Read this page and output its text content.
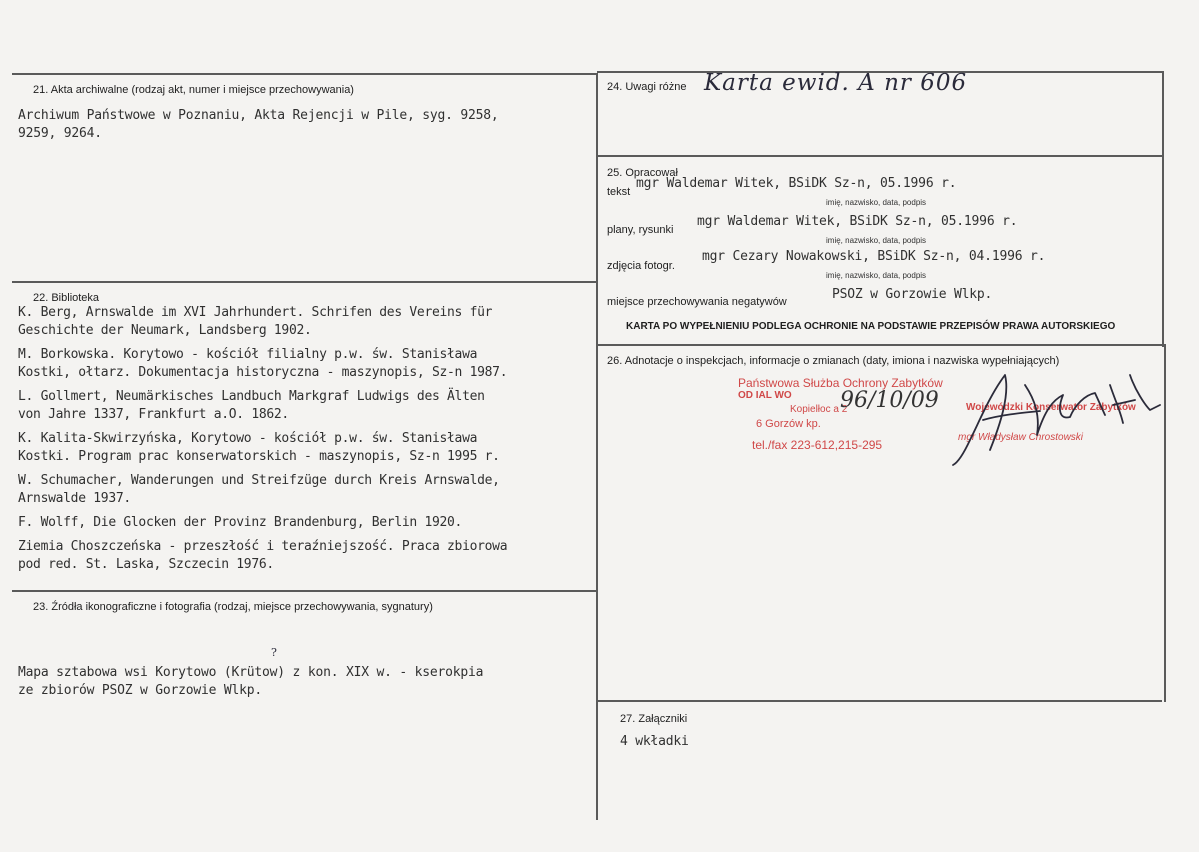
21. Akta archiwalne (rodzaj akt, numer i miejsce przechowywania)
Archiwum Państwowe w Poznaniu, Akta Rejencji w Pile, syg. 9258,
9259, 9264.
22. Biblioteka

K. Berg, Arnswalde im XVI Jahrhundert. Schrifen des Vereins für
Geschichte der Neumark, Landsberg 1902.

M. Borkowska. Korytowo - kościół filialny p.w. św. Stanisława
Kostki, ołtarz. Dokumentacja historyczna - maszynopis, Sz-n 1987.

L. Gollmert, Neumärkisches Landbuch Markgraf Ludwigs des Älten
von Jahre 1337, Frankfurt a.O. 1862.

K. Kalita-Skwirzyńska, Korytowo - kościół p.w. św. Stanisława
Kostki. Program prac konserwatorskich - maszynopis, Sz-n 1995 r.

W. Schumacher, Wanderungen und Streifzüge durch Kreis Arnswalde,
Arnswalde 1937.

F. Wolff, Die Glocken der Provinz Brandenburg, Berlin 1920.

Ziemia Choszczeńska - przeszłość i teraźniejszość. Praca zbiorowa
pod red. St. Laska, Szczecin 1976.

23. Źródła ikonograficzne i fotografia (rodzaj, miejsce przechowywania, sygnatury)
?
Mapa sztabowa wsi Korytowo (Krütow) z kon. XIX w. - kserokpia
ze zbiorów PSOZ w Gorzowie Wlkp.
24. Uwagi różne Karta ewid. A nr 606
25. Opracował
tekst
mgr Waldemar Witek, BSiDK Sz-n, 05.1996 r.
imię, nazwisko, data, podpis
plany, rysunki
mgr Waldemar Witek, BSiDK Sz-n, 05.1996 r.
imię, nazwisko, data, podpis
zdjęcia fotogr.
mgr Cezary Nowakowski, BSiDK Sz-n, 04.1996 r.
imię, nazwisko, data, podpis
miejsce przechowywania negatywów	PSOZ w Gorzowie Wlkp.
KARTA PO WYPEŁNIENIU PODLEGA OCHRONIE NA PODSTAWIE PRZEPISÓW PRAWA AUTORSKIEGO
26. Adnotacje o inspekcjach, informacje o zmianach (daty, imiona i nazwiska wypełniających)
Państwowa Służba Ochrony Zabytków
OD IAL WO
Kopielłoc a 2
6 Gorzów kp.
tel./fax 223-612,215-295
96/10/09	Wojewódzki Konserwator Zabytków
mgr Władysław Chrostowski
27. Załączniki
4 wkładki
